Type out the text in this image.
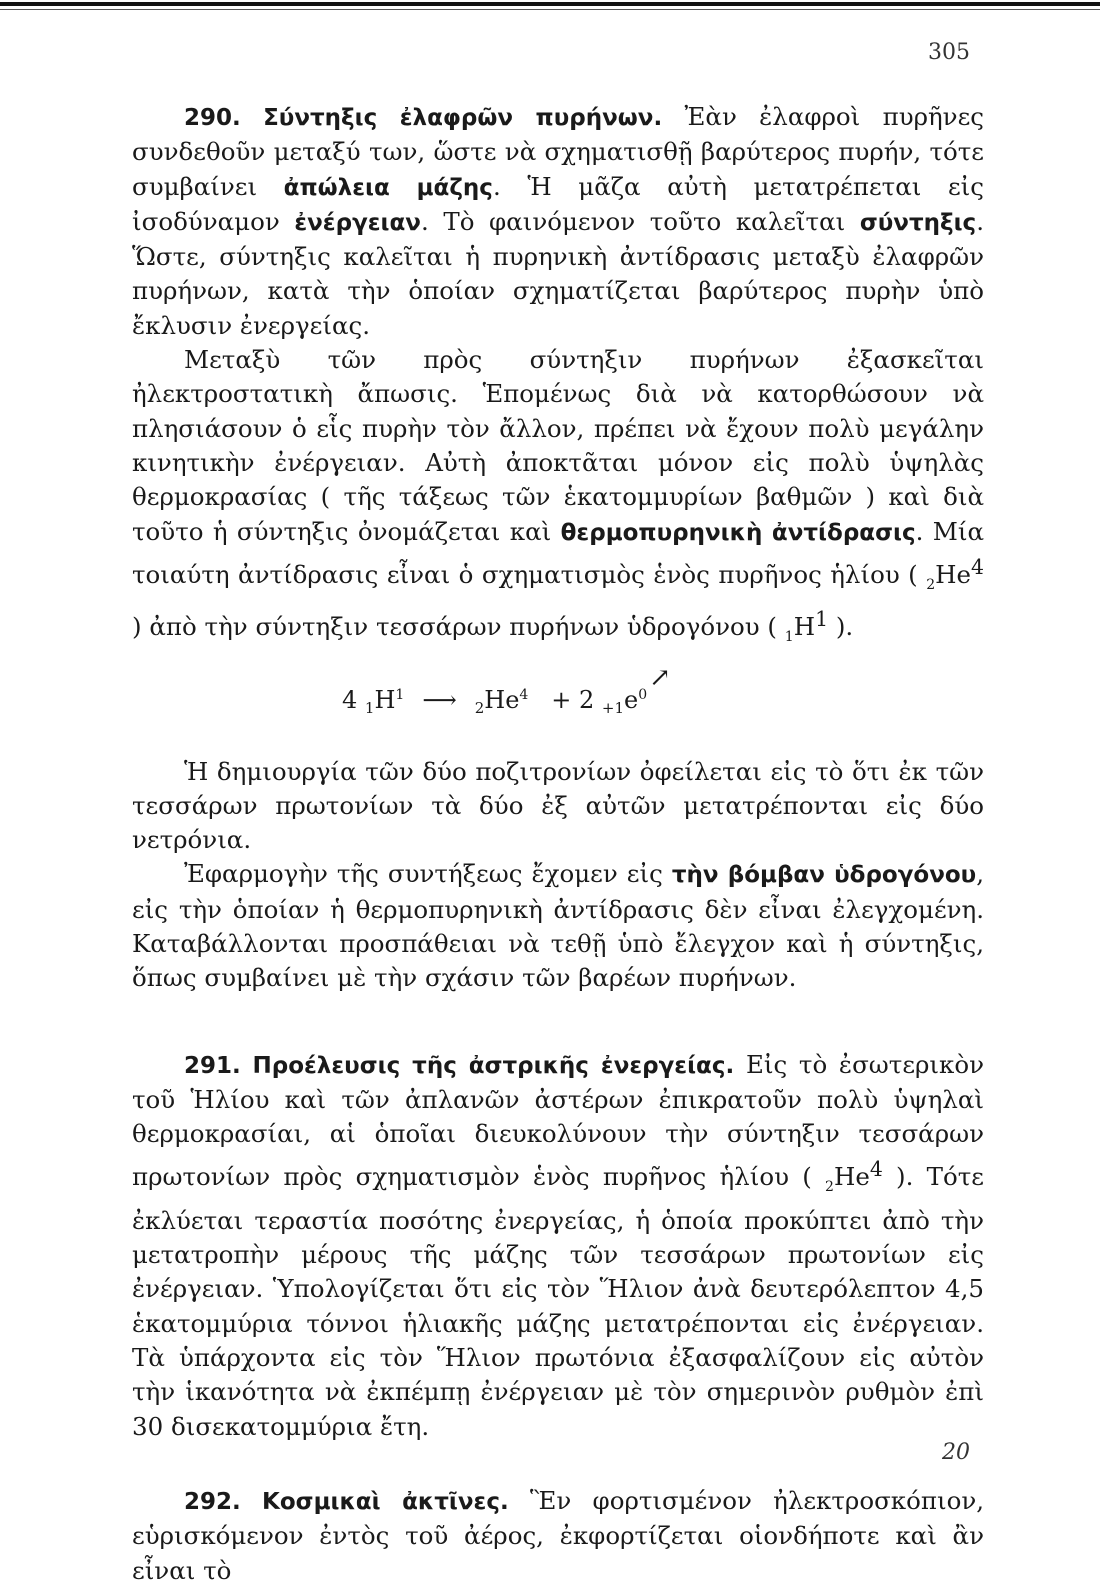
305

290. Σύντηξις ἐλαφρῶν πυρήνων. Ἐὰν ἐλαφροὶ πυρῆνες συνδεθοῦν μεταξύ των, ὥστε νὰ σχηματισθῇ βαρύτερος πυρήν, τότε συμβαίνει ἀπώλεια μάζης. Ἡ μᾶζα αὐτὴ μετατρέπεται εἰς ἰσοδύναμον ἐνέργειαν. Τὸ φαινόμενον τοῦτο καλεῖται σύντηξις. Ὥστε, σύντηξις καλεῖται ἡ πυρηνικὴ ἀντίδρασις μεταξὺ ἐλαφρῶν πυρήνων, κατὰ τὴν ὁποίαν σχηματίζεται βαρύτερος πυρὴν ὑπὸ ἔκλυσιν ἐνεργείας.

Μεταξὺ τῶν πρὸς σύντηξιν πυρήνων ἐξασκεῖται ἠλεκτροστατικὴ ἄπωσις. Ἑπομένως διὰ νὰ κατορθώσουν νὰ πλησιάσουν ὁ εἷς πυρὴν τὸν ἄλλον, πρέπει νὰ ἔχουν πολὺ μεγάλην κινητικὴν ἐνέργειαν. Αὐτὴ ἀποκτᾶται μόνον εἰς πολὺ ὑψηλὰς θερμοκρασίας ( τῆς τάξεως τῶν ἑκατομμυρίων βαθμῶν ) καὶ διὰ τοῦτο ἡ σύντηξις ὀνομάζεται καὶ θερμοπυρηνικὴ ἀντίδρασις. Μία τοιαύτη ἀντίδρασις εἶναι ὁ σχηματισμὸς ἑνὸς πυρῆνος ἡλίου ( $_2He^4$ ) ἀπὸ τὴν σύντηξιν τεσσάρων πυρήνων ὑδρογόνου ( $_1H^1$ ).

4 $_1H^1$ ⟶ $_2He^4 + 2$ $_{+1}e^0↗$

Ἡ δημιουργία τῶν δύο ποζιτρονίων ὀφείλεται εἰς τὸ ὅτι ἐκ τῶν τεσσάρων πρωτονίων τὰ δύο ἐξ αὐτῶν μετατρέπονται εἰς δύο νετρόνια.

Ἐφαρμογὴν τῆς συντήξεως ἔχομεν εἰς τὴν βόμβαν ὑδρογόνου, εἰς τὴν ὁποίαν ἡ θερμοπυρηνικὴ ἀντίδρασις δὲν εἶναι ἐλεγχομένη. Καταβάλλονται προσπάθειαι νὰ τεθῇ ὑπὸ ἔλεγχον καὶ ἡ σύντηξις, ὅπως συμβαίνει μὲ τὴν σχάσιν τῶν βαρέων πυρήνων.

291. Προέλευσις τῆς ἀστρικῆς ἐνεργείας. Εἰς τὸ ἐσωτερικὸν τοῦ Ἡλίου καὶ τῶν ἀπλανῶν ἀστέρων ἐπικρατοῦν πολὺ ὑψηλαὶ θερμοκρασίαι, αἱ ὁποῖαι διευκολύνουν τὴν σύντηξιν τεσσάρων πρωτονίων πρὸς σχηματισμὸν ἑνὸς πυρῆνος ἡλίου ( $_2He^4$ ). Τότε ἐκλύεται τεραστία ποσότης ἐνεργείας, ἡ ὁποία προκύπτει ἀπὸ τὴν μετατροπὴν μέρους τῆς μάζης τῶν τεσσάρων πρωτονίων εἰς ἐνέργειαν. Ὑπολογίζεται ὅτι εἰς τὸν Ἥλιον ἀνὰ δευτερόλεπτον 4,5 ἑκατομμύρια τόννοι ἡλιακῆς μάζης μετατρέπονται εἰς ἐνέργειαν. Τὰ ὑπάρχοντα εἰς τὸν Ἥλιον πρωτόνια ἐξασφαλίζουν εἰς αὐτὸν τὴν ἱκανότητα νὰ ἐκπέμπῃ ἐνέργειαν μὲ τὸν σημερινὸν ρυθμὸν ἐπὶ 30 δισεκατομμύρια ἔτη.

292. Κοσμικαὶ ἀκτῖνες. Ἓν φορτισμένον ἠλεκτροσκόπιον, εὑρισκόμενον ἐντὸς τοῦ ἀέρος, ἐκφορτίζεται οἱονδήποτε καὶ ἂν εἶναι τὸ

20
